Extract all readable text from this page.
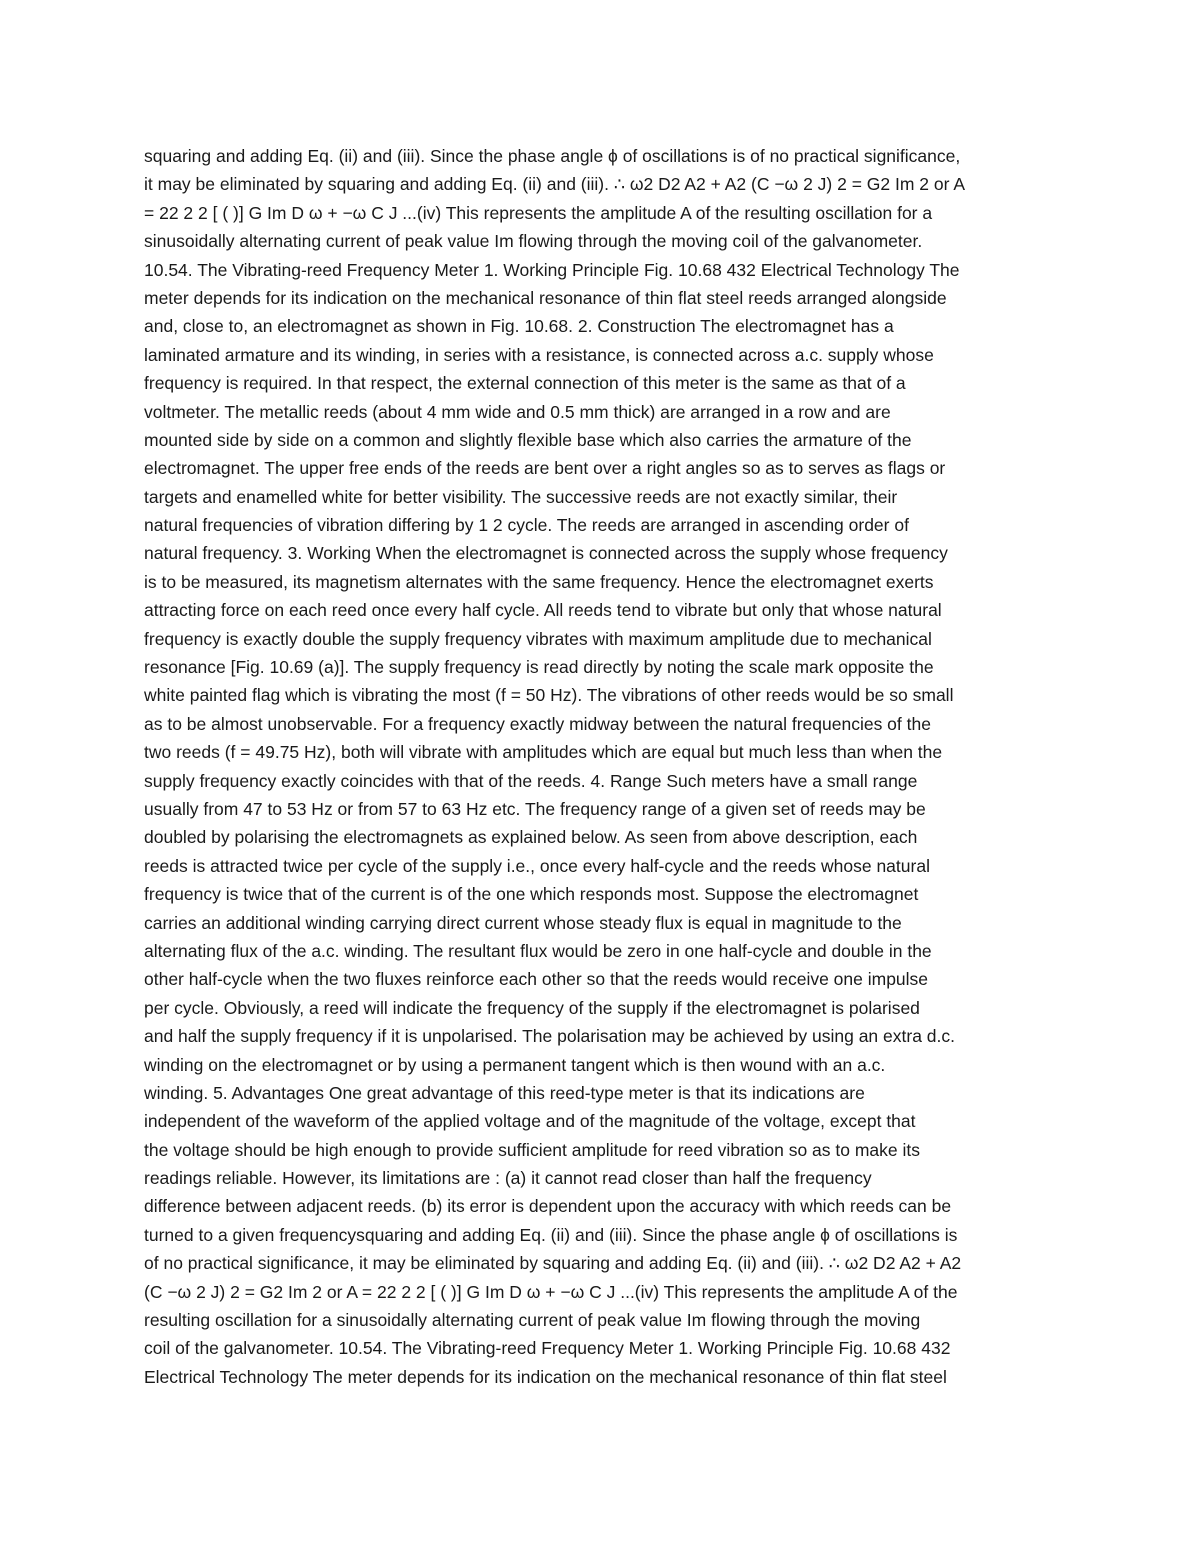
squaring and adding Eq. (ii) and (iii). Since the phase angle ϕ of oscillations is of no practical significance,
it may be eliminated by squaring and adding Eq. (ii) and (iii). ∴ ω2 D2 A2 + A2 (C −ω 2 J) 2 = G2 Im 2 or A
= 22 2 2 [ ( )] G Im D ω + −ω C J ...(iv) This represents the amplitude A of the resulting oscillation for a
sinusoidally alternating current of peak value Im flowing through the moving coil of the galvanometer.
10.54. The Vibrating-reed Frequency Meter 1. Working Principle Fig. 10.68 432 Electrical Technology The
meter depends for its indication on the mechanical resonance of thin flat steel reeds arranged alongside
and, close to, an electromagnet as shown in Fig. 10.68. 2. Construction The electromagnet has a
laminated armature and its winding, in series with a resistance, is connected across a.c. supply whose
frequency is required. In that respect, the external connection of this meter is the same as that of a
voltmeter. The metallic reeds (about 4 mm wide and 0.5 mm thick) are arranged in a row and are
mounted side by side on a common and slightly flexible base which also carries the armature of the
electromagnet. The upper free ends of the reeds are bent over a right angles so as to serves as flags or
targets and enamelled white for better visibility. The successive reeds are not exactly similar, their
natural frequencies of vibration differing by 1 2 cycle. The reeds are arranged in ascending order of
natural frequency. 3. Working When the electromagnet is connected across the supply whose frequency
is to be measured, its magnetism alternates with the same frequency. Hence the electromagnet exerts
attracting force on each reed once every half cycle. All reeds tend to vibrate but only that whose natural
frequency is exactly double the supply frequency vibrates with maximum amplitude due to mechanical
resonance [Fig. 10.69 (a)]. The supply frequency is read directly by noting the scale mark opposite the
white painted flag which is vibrating the most (f = 50 Hz). The vibrations of other reeds would be so small
as to be almost unobservable. For a frequency exactly midway between the natural frequencies of the
two reeds (f = 49.75 Hz), both will vibrate with amplitudes which are equal but much less than when the
supply frequency exactly coincides with that of the reeds. 4. Range Such meters have a small range
usually from 47 to 53 Hz or from 57 to 63 Hz etc. The frequency range of a given set of reeds may be
doubled by polarising the electromagnets as explained below. As seen from above description, each
reeds is attracted twice per cycle of the supply i.e., once every half-cycle and the reeds whose natural
frequency is twice that of the current is of the one which responds most. Suppose the electromagnet
carries an additional winding carrying direct current whose steady flux is equal in magnitude to the
alternating flux of the a.c. winding. The resultant flux would be zero in one half-cycle and double in the
other half-cycle when the two fluxes reinforce each other so that the reeds would receive one impulse
per cycle. Obviously, a reed will indicate the frequency of the supply if the electromagnet is polarised
and half the supply frequency if it is unpolarised. The polarisation may be achieved by using an extra d.c.
winding on the electromagnet or by using a permanent tangent which is then wound with an a.c.
winding. 5. Advantages One great advantage of this reed-type meter is that its indications are
independent of the waveform of the applied voltage and of the magnitude of the voltage, except that
the voltage should be high enough to provide sufficient amplitude for reed vibration so as to make its
readings reliable. However, its limitations are : (a) it cannot read closer than half the frequency
difference between adjacent reeds. (b) its error is dependent upon the accuracy with which reeds can be
turned to a given frequencysquaring and adding Eq. (ii) and (iii). Since the phase angle ϕ of oscillations is
of no practical significance, it may be eliminated by squaring and adding Eq. (ii) and (iii). ∴ ω2 D2 A2 + A2
(C −ω 2 J) 2 = G2 Im 2 or A = 22 2 2 [ ( )] G Im D ω + −ω C J ...(iv) This represents the amplitude A of the
resulting oscillation for a sinusoidally alternating current of peak value Im flowing through the moving
coil of the galvanometer. 10.54. The Vibrating-reed Frequency Meter 1. Working Principle Fig. 10.68 432
Electrical Technology The meter depends for its indication on the mechanical resonance of thin flat steel
